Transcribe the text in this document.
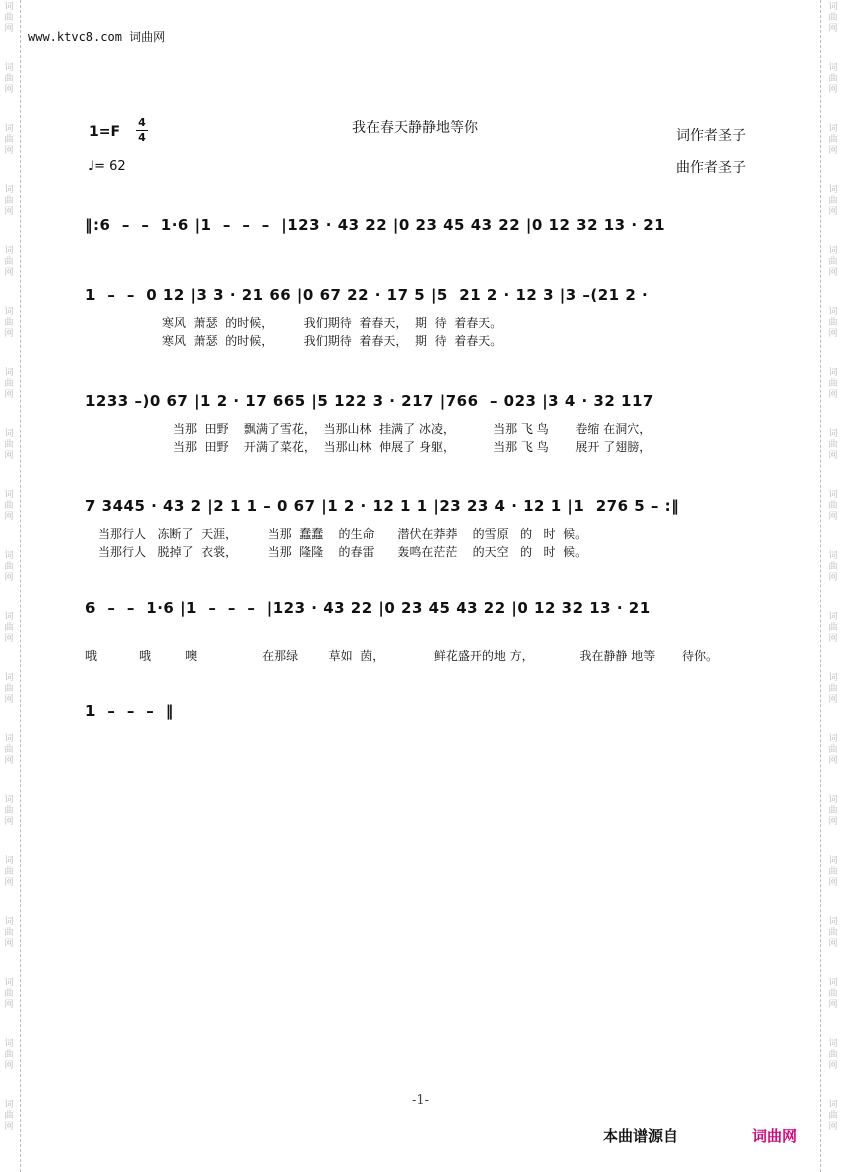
词
曲
网
词
曲
网
词
曲
网
词
曲
网
词
曲
网
词
曲
网
词
曲
网
词
曲
网
词
曲
网
词
曲
网
词
曲
网
词
曲
网
词
曲
网
词
曲
网
词
曲
网
词
曲
网
词
曲
网
词
曲
网
词
曲
网
词
曲
网
词
曲
网
词
曲
网
词
曲
网
词
曲
网
词
曲
网
词
曲
网
词
曲
网
词
曲
网
词
曲
网
词
曲
网
词
曲
网
词
曲
网
词
曲
网
词
曲
网
词
曲
网
词
曲
网
词
曲
网
词
曲
网
www.ktvc8.com 词曲网
1=F
4
4
♩= 62
我在春天静静地等你	词作者圣子
曲作者圣子
‖:6  –  –  1·6 |1  –  –  –  |123 · 43 22 |0 23 45 43 22 |0 12 32 13 · 21
1  –  –  0 12 |3 3 · 21 66 |0 67 22 · 17 5 |5  21 2 · 12 3 |3 –(21 2 ·
寒风  萧瑟  的时候，        我们期待  着春天，  期  待  着春天。
寒风  萧瑟  的时候，        我们期待  着春天，  期  待  着春天。
1233 –)0 67 |1 2 · 17 665 |5 122 3 · 217 |766  – 023 |3 4 · 32 117
当那  田野    飘满了雪花，  当那山林  挂满了 冰凌，          当那 飞 鸟       卷缩 在洞穴，
当那  田野    开满了菜花，  当那山林  伸展了 身躯，          当那 飞 鸟       展开 了翅膀，
7 3445 · 43 2 |2 1 1 – 0 67 |1 2 · 12 1 1 |23 23 4 · 12 1 |1  276 5 – :‖
当那行人   冻断了  天涯，        当那  蠢蠢    的生命      潜伏在莽莽    的雪原   的   时  候。
当那行人   脱掉了  衣裳，        当那  隆隆    的春雷      轰鸣在茫茫    的天空   的   时  候。
6  –  –  1·6 |1  –  –  –  |123 · 43 22 |0 23 45 43 22 |0 12 32 13 · 21
哦           哦         噢                 在那绿        草如  茵，             鲜花盛开的地 方，            我在静静 地等       待你。
1  –  –  –  ‖
-1-
本曲谱源自	词曲网
